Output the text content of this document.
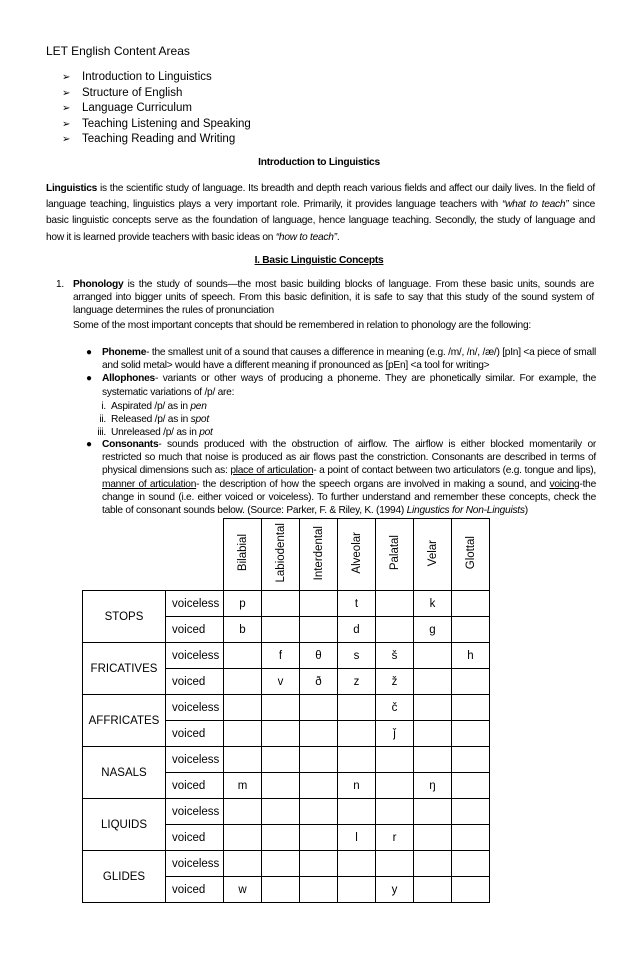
LET English Content Areas
➢ Introduction to Linguistics
➢ Structure of English
➢ Language Curriculum
➢ Teaching Listening and Speaking
➢ Teaching Reading and Writing
Introduction to Linguistics
Linguistics is the scientific study of language. Its breadth and depth reach various fields and affect our daily lives. In the field of language teaching, linguistics plays a very important role. Primarily, it provides language teachers with “what to teach” since basic linguistic concepts serve as the foundation of language, hence language teaching. Secondly, the study of language and how it is learned provide teachers with basic ideas on “how to teach”.
I. Basic Linguistic Concepts
1. Phonology is the study of sounds—the most basic building blocks of language. From these basic units, sounds are arranged into bigger units of speech. From this basic definition, it is safe to say that this study of the sound system of language determines the rules of pronunciation
Some of the most important concepts that should be remembered in relation to phonology are the following:
● Phoneme- the smallest unit of a sound that causes a difference in meaning (e.g. /m/, /n/, /æ/) [pIn] <a piece of small and solid metal> would have a different meaning if pronounced as [pEn] <a tool for writing>
● Allophones- variants or other ways of producing a phoneme. They are phonetically similar. For example, the systematic variations of /p/ are:
i. Aspirated /p/ as in pen
ii. Released /p/ as in spot
iii. Unreleased /p/ as in pot
● Consonants- sounds produced with the obstruction of airflow. The airflow is either blocked momentarily or restricted so much that noise is produced as air flows past the constriction. Consonants are described in terms of physical dimensions such as: place of articulation- a point of contact between two articulators (e.g. tongue and lips), manner of articulation- the description of how the speech organs are involved in making a sound, and voicing-the change in sound (i.e. either voiced or voiceless). To further understand and remember these concepts, check the table of consonant sounds below. (Source: Parker, F. & Riley, K. (1994) Lingustics for Non-Linguists)
		Bilabial	Labiodental	Interdental	Alveolar	Palatal	Velar	Glottal
STOPS	voiceless	p			t		k	
	voiced	b			d		g	
FRICATIVES	voiceless		f	θ	s	š		h
	voiced		v	ð	z	ž		
AFFRICATES	voiceless					č		
	voiced					ǰ		
NASALS	voiceless							
	voiced	m			n		ŋ	
LIQUIDS	voiceless							
	voiced				l	r		
GLIDES	voiceless							
	voiced	w				y		
